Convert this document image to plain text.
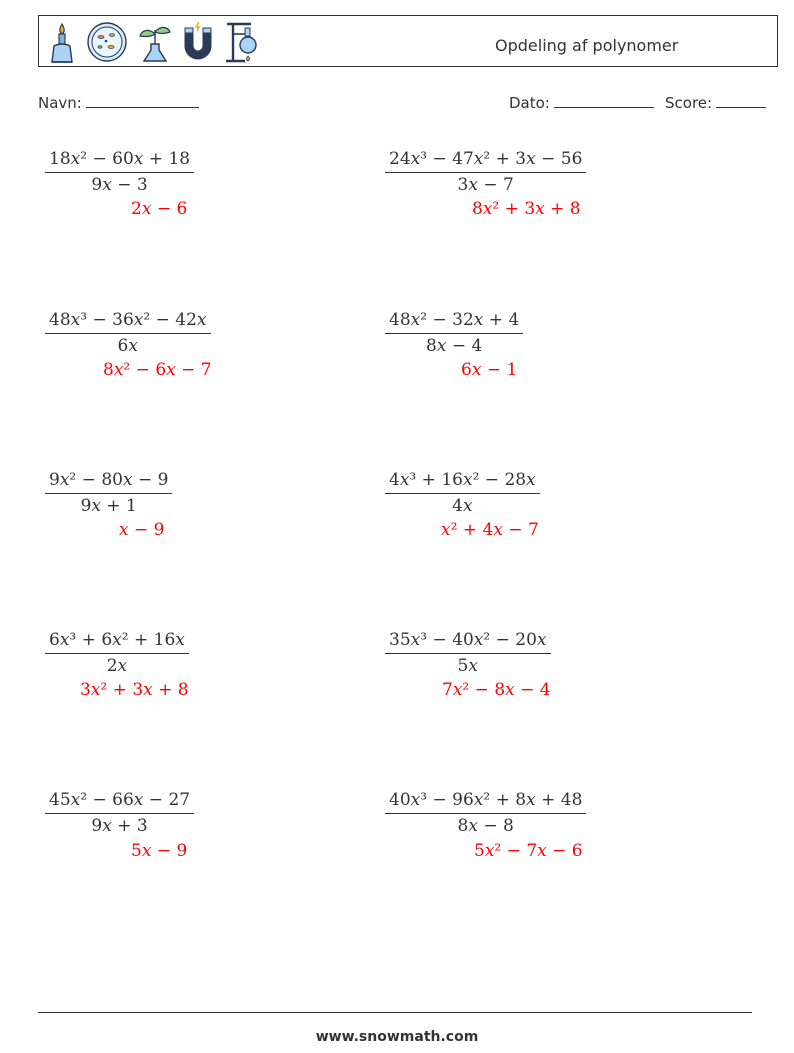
Opdeling af polynomer
Navn:	Dato:	Score:
$\frac{\text{18x² − 60x + 18}}{9x - 3}$
2x − 6
$\frac{\text{24x³ − 47x² + 3x − 56}}{3x - 7}$
8x² + 3x + 8
$\frac{\text{48x³ − 36x² − 42x}}{6x}$
8x² − 6x − 7
$\frac{\text{48x² − 32x + 4}}{8x - 4}$
6x − 1
$\frac{\text{9x² − 80x − 9}}{9x + 1}$
x − 9
$\frac{\text{4x³ + 16x² − 28x}}{4x}$
x² + 4x − 7
$\frac{\text{6x³ + 6x² + 16x}}{2x}$
3x² + 3x + 8
$\frac{\text{35x³ − 40x² − 20x}}{5x}$
7x² − 8x − 4
$\frac{\text{45x² − 66x − 27}}{9x + 3}$
5x − 9
$\frac{\text{40x³ − 96x² + 8x + 48}}{8x - 8}$
5x² − 7x − 6
www.snowmath.com
